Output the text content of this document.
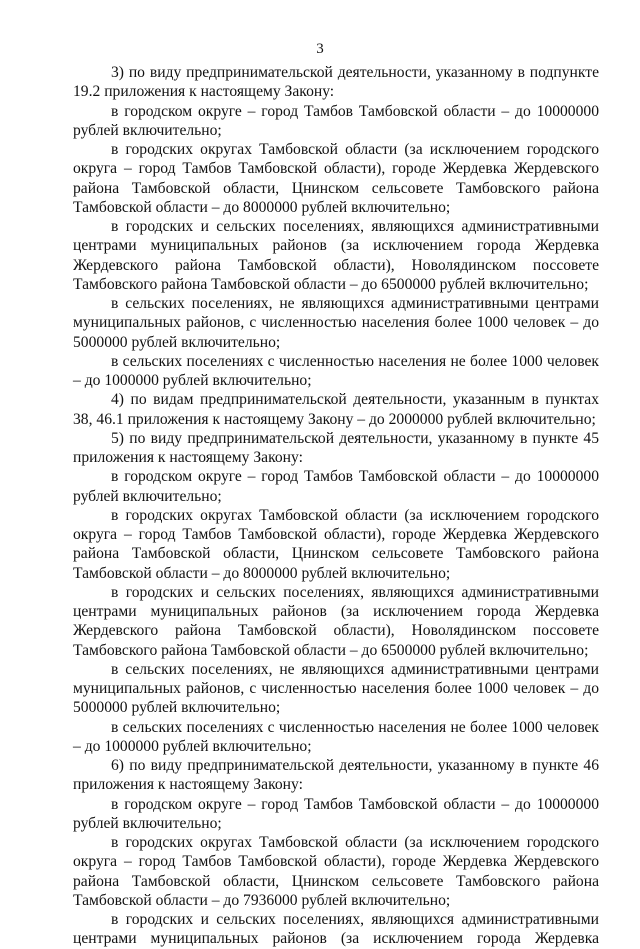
3

3) по виду предпринимательской деятельности, указанному в подпункте 19.2 приложения к настоящему Закону:

в городском округе – город Тамбов Тамбовской области – до 10000000 рублей включительно;

в городских округах Тамбовской области (за исключением городского округа – город Тамбов Тамбовской области), городе Жердевка Жердевского района Тамбовской области, Цнинском сельсовете Тамбовского района Тамбовской области – до 8000000 рублей включительно;

в городских и сельских поселениях, являющихся административными центрами муниципальных районов (за исключением города Жердевка Жердевского района Тамбовской области), Новолядинском поссовете Тамбовского района Тамбовской области – до 6500000 рублей включительно;

в сельских поселениях, не являющихся административными центрами муниципальных районов, с численностью населения более 1000 человек – до 5000000 рублей включительно;

в сельских поселениях с численностью населения не более 1000 человек – до 1000000 рублей включительно;

4) по видам предпринимательской деятельности, указанным в пунктах 38, 46.1 приложения к настоящему Закону – до 2000000 рублей включительно;

5) по виду предпринимательской деятельности, указанному в пункте 45 приложения к настоящему Закону:

в городском округе – город Тамбов Тамбовской области – до 10000000 рублей включительно;

в городских округах Тамбовской области (за исключением городского округа – город Тамбов Тамбовской области), городе Жердевка Жердевского района Тамбовской области, Цнинском сельсовете Тамбовского района Тамбовской области – до 8000000 рублей включительно;

в городских и сельских поселениях, являющихся административными центрами муниципальных районов (за исключением города Жердевка Жердевского района Тамбовской области), Новолядинском поссовете Тамбовского района Тамбовской области – до 6500000 рублей включительно;

в сельских поселениях, не являющихся административными центрами муниципальных районов, с численностью населения более 1000 человек – до 5000000 рублей включительно;

в сельских поселениях с численностью населения не более 1000 человек – до 1000000 рублей включительно;

6) по виду предпринимательской деятельности, указанному в пункте 46 приложения к настоящему Закону:

в городском округе – город Тамбов Тамбовской области – до 10000000 рублей включительно;

в городских округах Тамбовской области (за исключением городского округа – город Тамбов Тамбовской области), городе Жердевка Жердевского района Тамбовской области, Цнинском сельсовете Тамбовского района Тамбовской области – до 7936000 рублей включительно;

в городских и сельских поселениях, являющихся административными центрами муниципальных районов (за исключением города Жердевка
